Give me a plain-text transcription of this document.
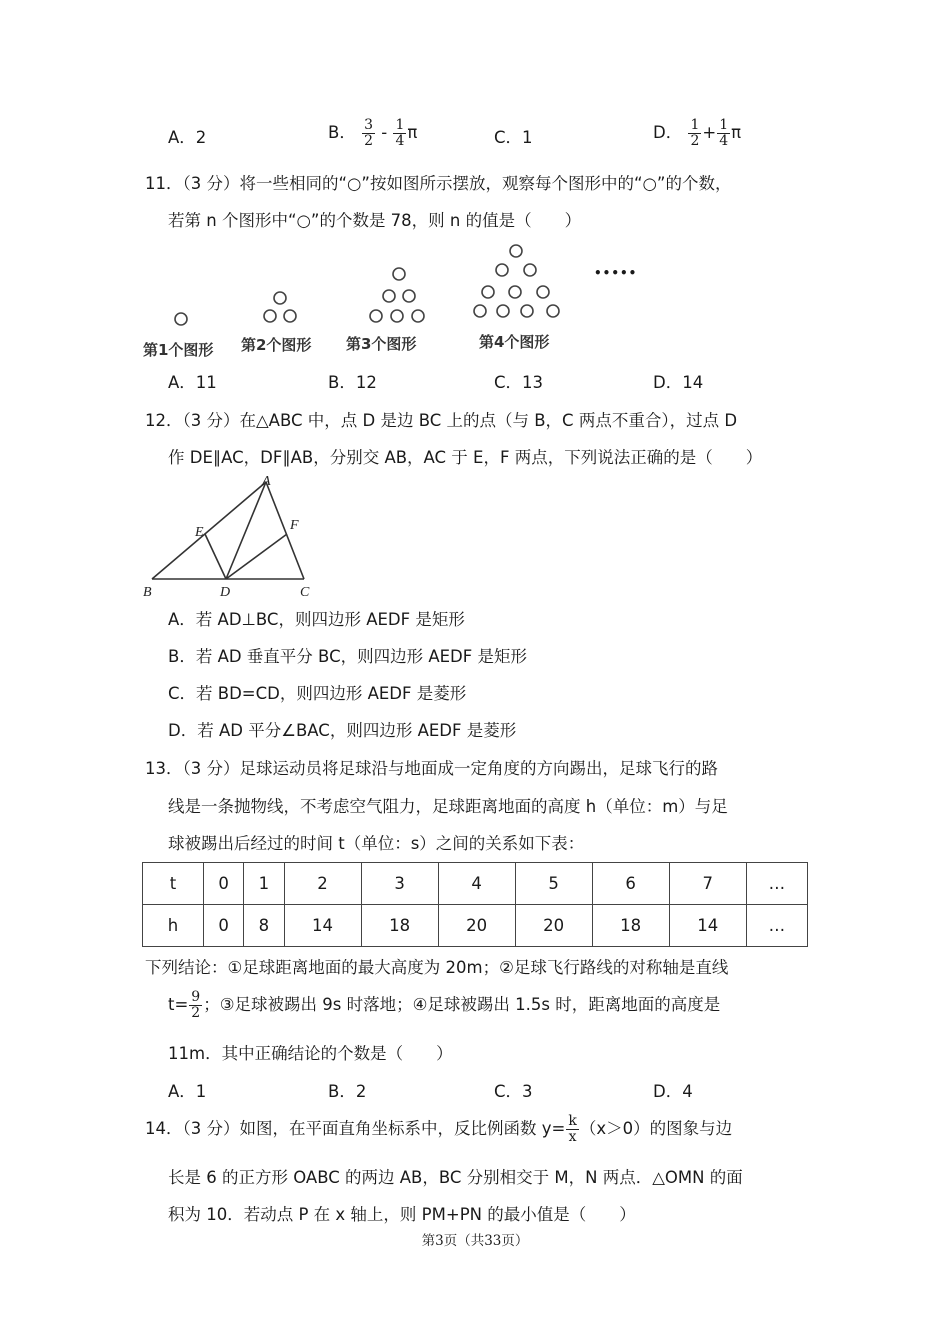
A．2	B． $\frac{3}{2} - \frac{1}{4}$ π	C．1	D． $\frac{1}{2} + \frac{1}{4}$ π
11．（3 分）将一些相同的“○”按如图所示摆放，观察每个图形中的“○”的个数，
若第 n 个图形中“○”的个数是 78，则 n 的值是（　　）
第1个图形 第2个图形 第3个图形	第4个图形
•••••
A．11	B．12	C．13	D．14
12．（3 分）在△ABC 中，点 D 是边 BC 上的点（与 B，C 两点不重合），过点 D
作 DE∥AC，DF∥AB，分别交 AB，AC 于 E，F 两点，下列说法正确的是（　　）
A
B	C
D
E	F
A．若 AD⊥BC，则四边形 AEDF 是矩形
B．若 AD 垂直平分 BC，则四边形 AEDF 是矩形
C．若 BD=CD，则四边形 AEDF 是菱形
D．若 AD 平分∠BAC，则四边形 AEDF 是菱形
13．（3 分）足球运动员将足球沿与地面成一定角度的方向踢出，足球飞行的路
线是一条抛物线，不考虑空气阻力，足球距离地面的高度 h（单位：m）与足
球被踢出后经过的时间 t（单位：s）之间的关系如下表：
t	0	1	2	3	4	5	6	7	…
h	0	8	14	18	20	20	18	14	…
下列结论：①足球距离地面的最大高度为 20m；②足球飞行路线的对称轴是直线
$t= \frac{9}{2}$ ；③足球被踢出 9s 时落地；④足球被踢出 1.5s 时，距离地面的高度是
11m．其中正确结论的个数是（　　）
A．1	B．2	C．3	D．4
14．（3 分）如图，在平面直角坐标系中，反比例函数 $y= \frac{k}{x} (x>0)$的图象与边
长是 6 的正方形 OABC 的两边 AB，BC 分别相交于 M，N 两点．△OMN 的面
积为 10．若动点 P 在 x 轴上，则 PM+PN 的最小值是（　　）
第3页（共33页）
